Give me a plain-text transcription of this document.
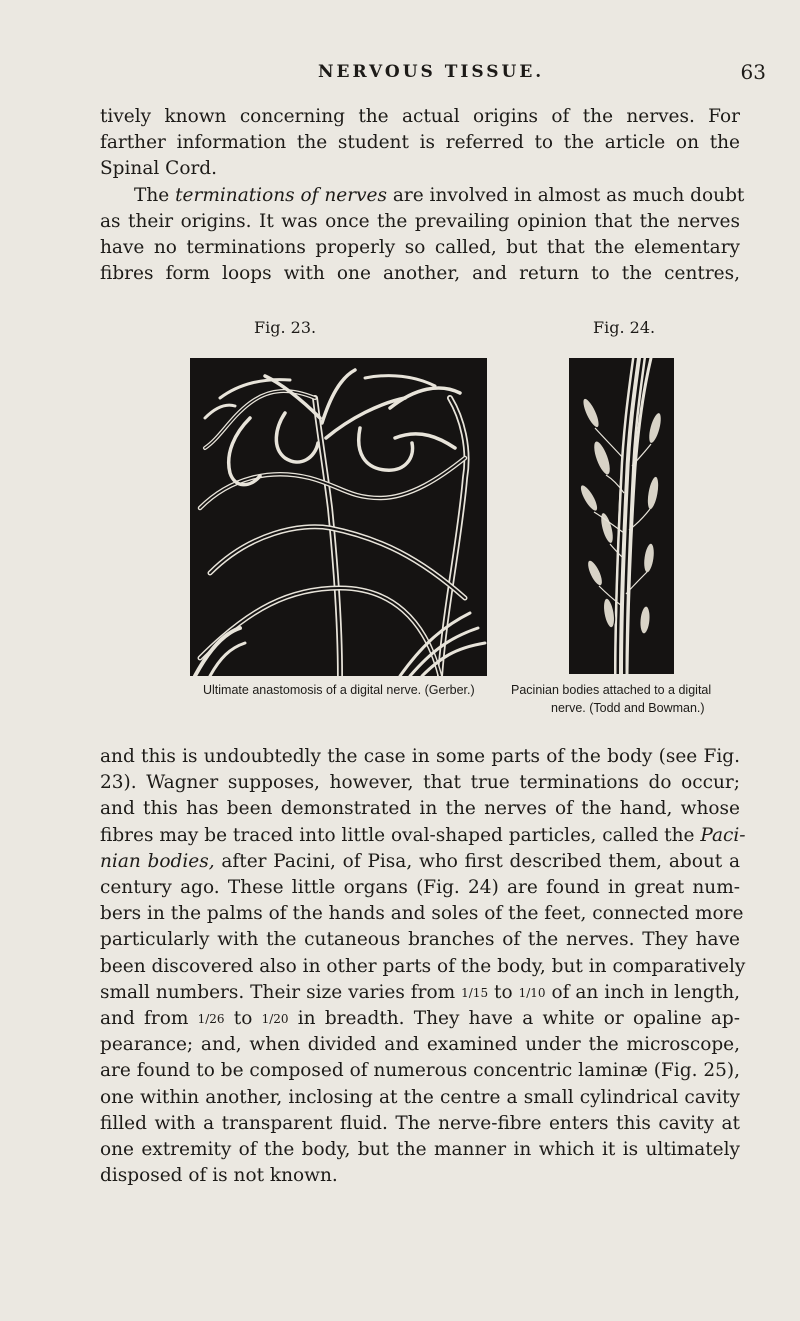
NERVOUS TISSUE.	63

tively known concerning the actual origins of the nerves. For
farther information the student is referred to the article on the
Spinal Cord.

The terminations of nerves are involved in almost as much doubt
as their origins. It was once the prevailing opinion that the nerves
have no terminations properly so called, but that the elementary
fibres form loops with one another, and return to the centres,

Fig. 23.	Fig. 24.
Ultimate anastomosis of a digital nerve. (Gerber.)	Pacinian bodies attached to a digital
nerve. (Todd and Bowman.)

and this is undoubtedly the case in some parts of the body (see Fig.
23). Wagner supposes, however, that true terminations do occur;
and this has been demonstrated in the nerves of the hand, whose
fibres may be traced into little oval-shaped particles, called the Paci-
nian bodies, after Pacini, of Pisa, who first described them, about a
century ago. These little organs (Fig. 24) are found in great num-
bers in the palms of the hands and soles of the feet, connected more
particularly with the cutaneous branches of the nerves. They have
been discovered also in other parts of the body, but in comparatively
small numbers. Their size varies from 1/15 to 1/10 of an inch in length,
and from 1/26 to 1/20 in breadth. They have a white or opaline ap-
pearance; and, when divided and examined under the microscope,
are found to be composed of numerous concentric laminæ (Fig. 25),
one within another, inclosing at the centre a small cylindrical cavity
filled with a transparent fluid. The nerve-fibre enters this cavity at
one extremity of the body, but the manner in which it is ultimately
disposed of is not known.
